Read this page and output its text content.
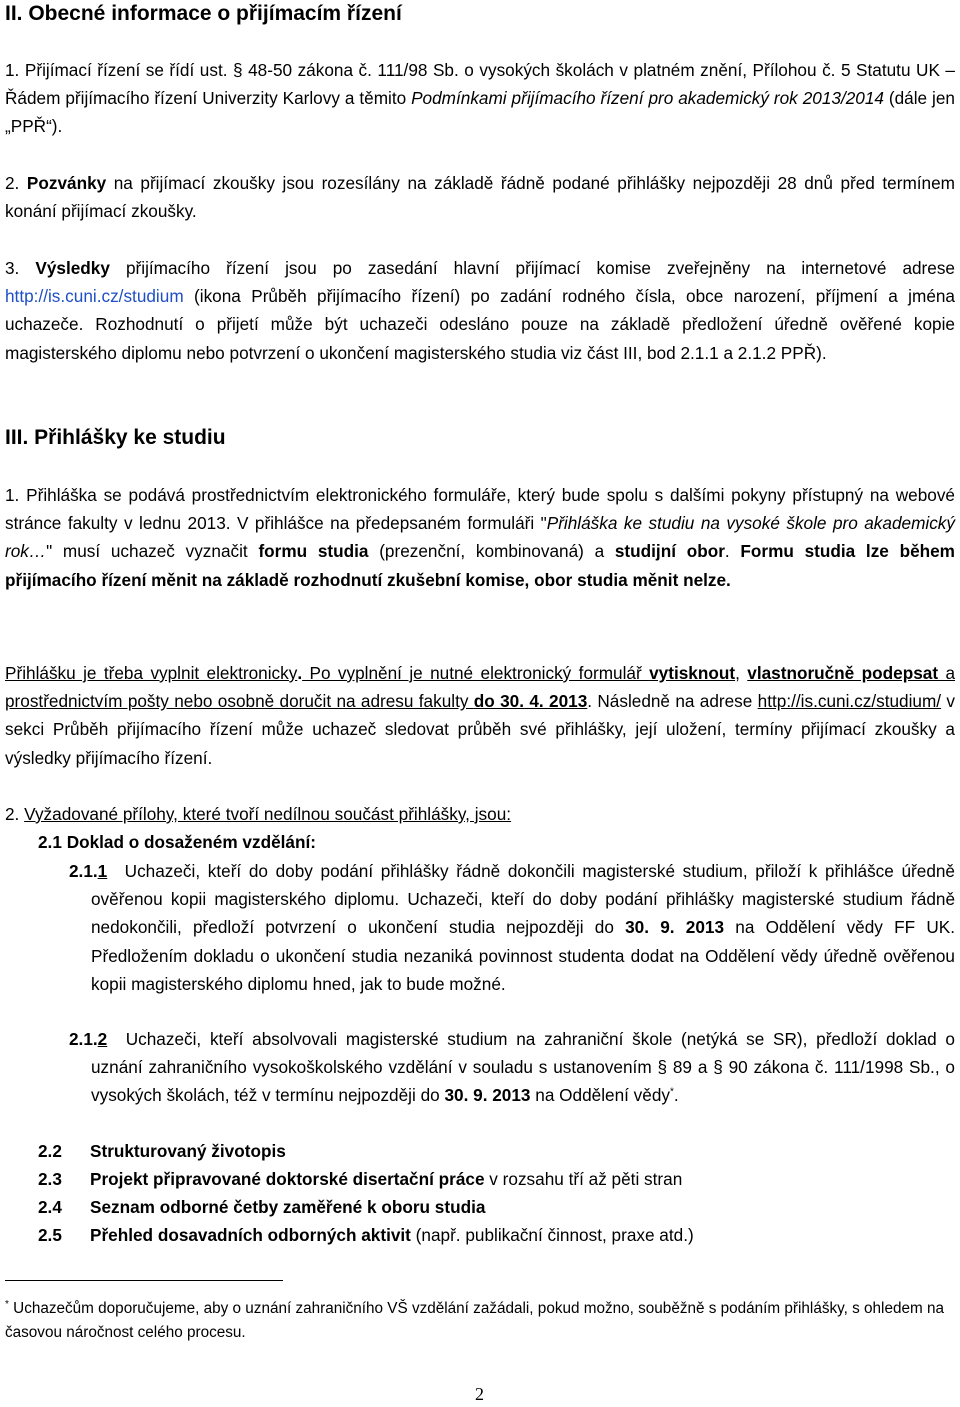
II. Obecné informace o přijímacím řízení

1. Přijímací řízení se řídí ust. § 48-50 zákona č. 111/98 Sb. o vysokých školách v platném znění, Přílohou č. 5 Statutu UK – Řádem přijímacího řízení Univerzity Karlovy a těmito Podmínkami přijímacího řízení pro akademický rok 2013/2014 (dále jen „PPŘ“).

2. Pozvánky na přijímací zkoušky jsou rozesílány na základě řádně podané přihlášky nejpozději 28 dnů před termínem konání přijímací zkoušky.

3. Výsledky přijímacího řízení jsou po zasedání hlavní přijímací komise zveřejněny na internetové adrese http://is.cuni.cz/studium (ikona Průběh přijímacího řízení) po zadání rodného čísla, obce narození, příjmení a jména uchazeče. Rozhodnutí o přijetí může být uchazeči odesláno pouze na základě předložení úředně ověřené kopie magisterského diplomu nebo potvrzení o ukončení magisterského studia viz část III, bod 2.1.1 a 2.1.2 PPŘ).

III. Přihlášky ke studiu

1. Přihláška se podává prostřednictvím elektronického formuláře, který bude spolu s dalšími pokyny přístupný na webové stránce fakulty v lednu 2013. V přihlášce na předepsaném formuláři "Přihláška ke studiu na vysoké škole pro akademický rok…" musí uchazeč vyznačit formu studia (prezenční, kombinovaná) a studijní obor. Formu studia lze během přijímacího řízení měnit na základě rozhodnutí zkušební komise, obor studia měnit nelze.

Přihlášku je třeba vyplnit elektronicky. Po vyplnění je nutné elektronický formulář vytisknout, vlastnoručně podepsat a prostřednictvím pošty nebo osobně doručit na adresu fakulty do 30. 4. 2013. Následně na adrese http://is.cuni.cz/studium/ v sekci Průběh přijímacího řízení může uchazeč sledovat průběh své přihlášky, její uložení, termíny přijímací zkoušky a výsledky přijímacího řízení.

2. Vyžadované přílohy, které tvoří nedílnou součást přihlášky, jsou:

2.1 Doklad o dosaženém vzdělání:

2.1.1 Uchazeči, kteří do doby podání přihlášky řádně dokončili magisterské studium, přiloží k přihlášce úředně ověřenou kopii magisterského diplomu. Uchazeči, kteří do doby podání přihlášky magisterské studium řádně nedokončili, předloží potvrzení o ukončení studia nejpozději do 30. 9. 2013 na Oddělení vědy FF UK. Předložením dokladu o ukončení studia nezaniká povinnost studenta dodat na Oddělení vědy úředně ověřenou kopii magisterského diplomu hned, jak to bude možné.

2.1.2 Uchazeči, kteří absolvovali magisterské studium na zahraniční škole (netýká se SR), předloží doklad o uznání zahraničního vysokoškolského vzdělání v souladu s ustanovením § 89 a § 90 zákona č. 111/1998 Sb., o vysokých školách, též v termínu nejpozději do 30. 9. 2013 na Oddělení vědy*.

2.2 Strukturovaný životopis

2.3 Projekt připravované doktorské disertační práce v rozsahu tří až pěti stran

2.4 Seznam odborné četby zaměřené k oboru studia

2.5 Přehled dosavadních odborných aktivit (např. publikační činnost, praxe atd.)

* Uchazečům doporučujeme, aby o uznání zahraničního VŠ vzdělání zažádali, pokud možno, souběžně s podáním přihlášky, s ohledem na časovou náročnost celého procesu.

2
